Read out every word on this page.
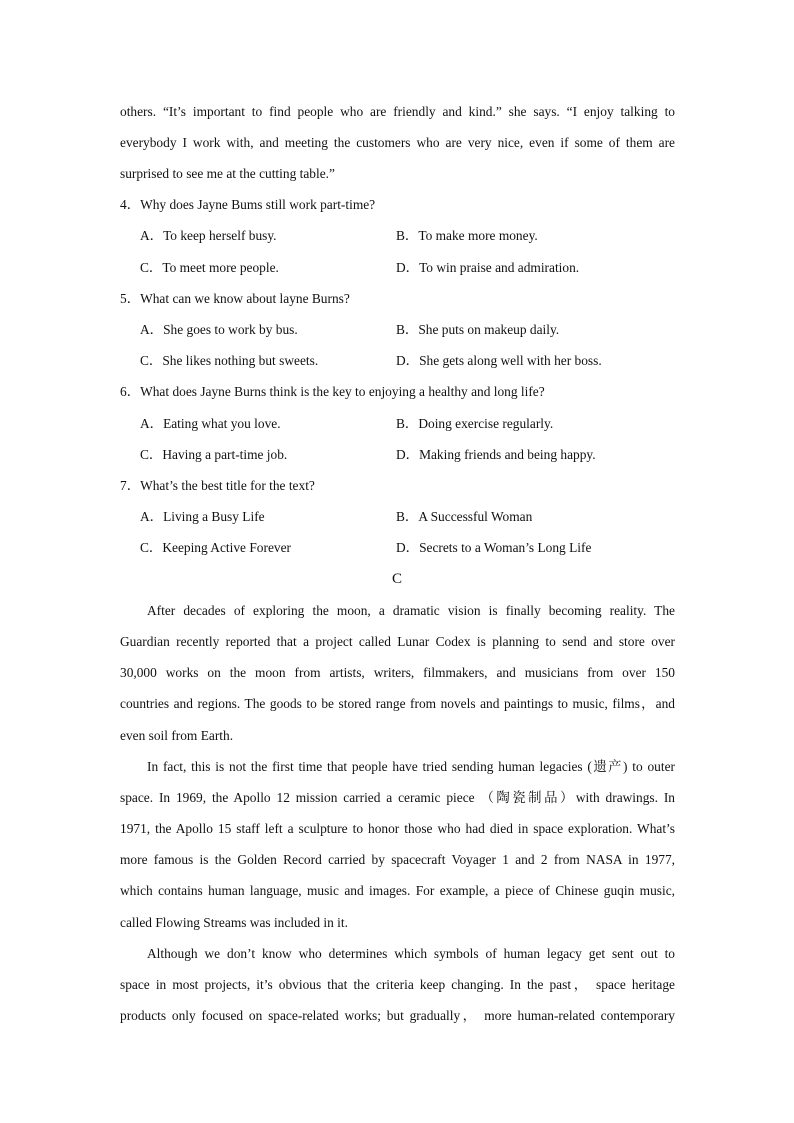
others. “It’s important to find people who are friendly and kind.” she says. “I enjoy talking to
everybody I work with, and meeting the customers who are very nice, even if some of them are
surprised to see me at the cutting table.”
4．Why does Jayne Bums still work part-time?
A．To keep herself busy.	B．To make more money.
C．To meet more people.	D．To win praise and admiration.
5．What can we know about layne Burns?
A．She goes to work by bus.	B．She puts on makeup daily.
C．She likes nothing but sweets.	D．She gets along well with her boss.
6．What does Jayne Burns think is the key to enjoying a healthy and long life?
A．Eating what you love.	B．Doing exercise regularly.
C．Having a part-time job.	D．Making friends and being happy.
7．What’s the best title for the text?
A．Living a Busy Life	B．A Successful Woman
C．Keeping Active Forever	D．Secrets to a Woman’s Long Life
C
After decades of exploring the moon, a dramatic vision is finally becoming reality. The
Guardian recently reported that a project called Lunar Codex is planning to send and store over
30,000 works on the moon from artists, writers, filmmakers, and musicians from over 150
countries and regions. The goods to be stored range from novels and paintings to music, films，and
even soil from Earth.
In fact, this is not the first time that people have tried sending human legacies (遗产) to outer
space. In 1969, the Apollo 12 mission carried a ceramic piece （陶瓷制品）with drawings. In
1971, the Apollo 15 staff left a sculpture to honor those who had died in space exploration. What’s
more famous is the Golden Record carried by spacecraft Voyager 1 and 2 from NASA in 1977,
which contains human language, music and images. For example, a piece of Chinese guqin music,
called Flowing Streams was included in it.
Although we don’t know who determines which symbols of human legacy get sent out to
space in most projects, it’s obvious that the criteria keep changing. In the past， space heritage
products only focused on space-related works; but gradually， more human-related contemporary
